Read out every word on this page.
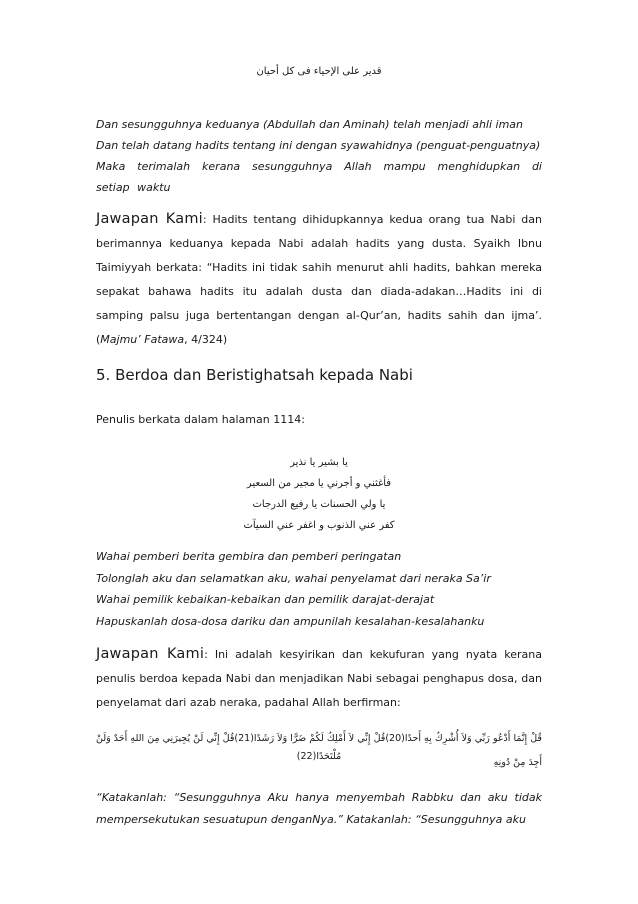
قدير على الإحياء فى كل أحيان

Dan sesungguhnya keduanya (Abdullah dan Aminah) telah menjadi ahli iman

Dan telah datang hadits tentang ini dengan syawahidnya (penguat-penguatnya)

Maka terimalah kerana sesungguhnya Allah mampu menghidupkan di setiap waktu

Jawapan Kami: Hadits tentang dihidupkannya kedua orang tua Nabi dan berimannya keduanya kepada Nabi adalah hadits yang dusta. Syaikh Ibnu Taimiyyah berkata: “Hadits ini tidak sahih menurut ahli hadits, bahkan mereka sepakat bahawa hadits itu adalah dusta dan diada-adakan…Hadits ini di samping palsu juga bertentangan dengan al-Qur’an, hadits sahih dan ijma’. (Majmu’ Fatawa, 4/324)

5. Berdoa dan Beristighatsah kepada Nabi

Penulis berkata dalam halaman 1114:
يا بشير يا نذير
فأغثني و أجرني يا مجير من السعير
يا ولي الحسنات يا رفيع الدرجات
كفر عني الذنوب و اغفر عني السيآت

Wahai pemberi berita gembira dan pemberi peringatan

Tolonglah aku dan selamatkan aku, wahai penyelamat dari neraka Sa’ir

Wahai pemilik kebaikan-kebaikan dan pemilik darajat-derajat

Hapuskanlah dosa-dosa dariku dan ampunilah kesalahan-kesalahanku

Jawapan Kami: Ini adalah kesyirikan dan kekufuran yang nyata kerana penulis berdoa kepada Nabi dan menjadikan Nabi sebagai penghapus dosa, dan penyelamat dari azab neraka, padahal Allah berfirman:

قُلْ إِنَّمَا أَدْعُو رَبِّي وَلاَ أُشْرِكُ بِهِ أَحدًا(20)قُلْ إِنِّي لاَ أَمْلِكُ لَكُمْ ضَرًّا وَلاَ رَشَدًا(21)قُلْ إِنِّي لَنْ يُجِيرَنِي مِنَ اللهِ أَحَدٌ وَلَنْ أَجِدَ مِنْ دُونِهِ
مُلْتَحَدًا(22)
“Katakanlah: “Sesungguhnya Aku hanya menyembah Rabbku dan aku tidak mempersekutukan sesuatupun denganNya.” Katakanlah: “Sesungguhnya aku
